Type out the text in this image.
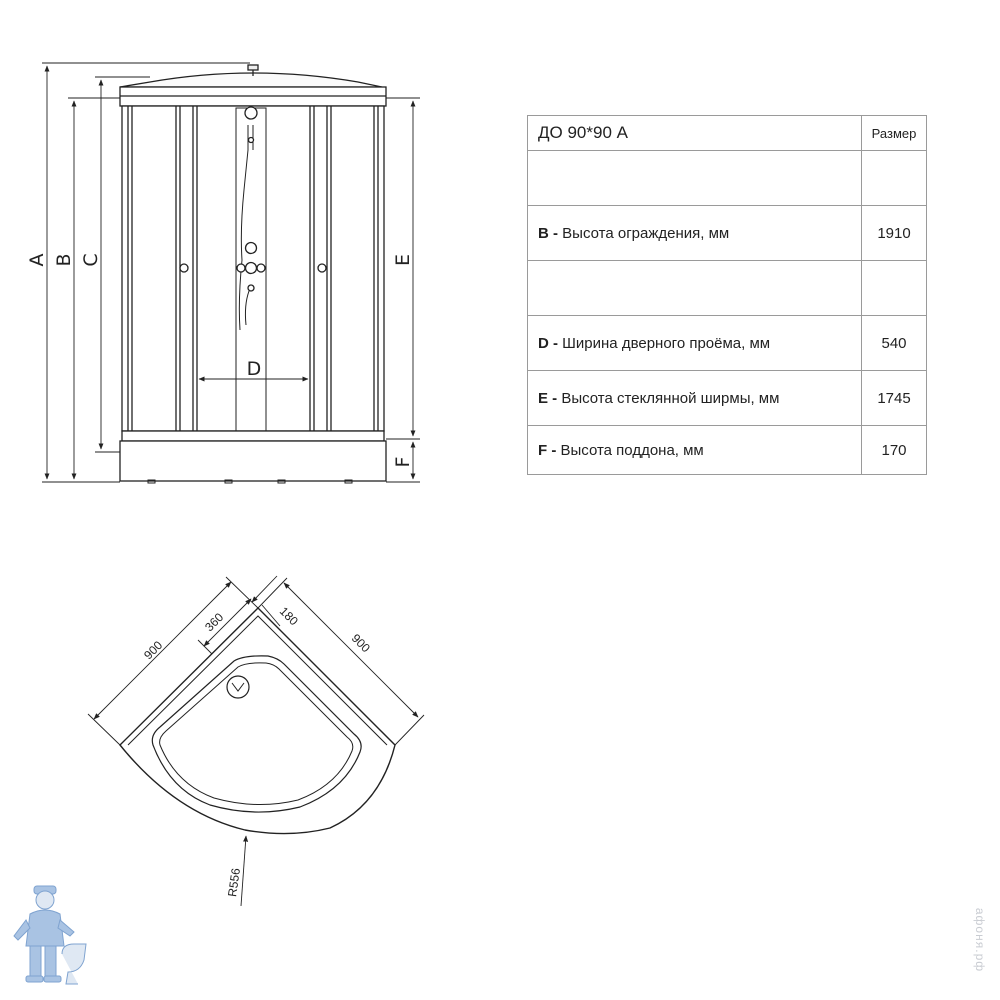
A B C	E
F
D
900	900
360	180
R556
ДО 90*90 А	Размер

B - Высота ограждения, мм	1910

D - Ширина дверного проёма, мм	540
E - Высота стеклянной ширмы, мм	1745
F - Высота поддона, мм	170
афоня.рф
